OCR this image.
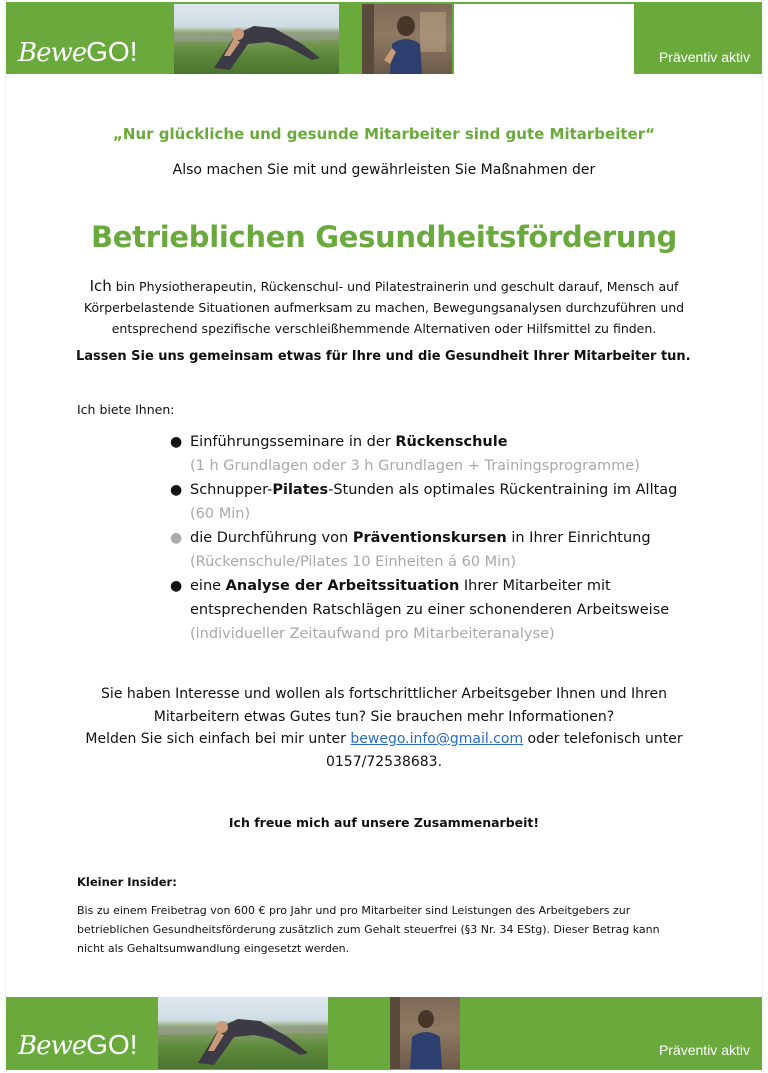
BeweGO!	Präventiv aktiv
„Nur glückliche und gesunde Mitarbeiter sind gute Mitarbeiter“
Also machen Sie mit und gewährleisten Sie Maßnahmen der
Betrieblichen Gesundheitsförderung
Ich bin Physiotherapeutin, Rückenschul- und Pilatestrainerin und geschult darauf, Mensch auf
Körperbelastende Situationen aufmerksam zu machen, Bewegungsanalysen durchzuführen und
entsprechend spezifische verschleißhemmende Alternativen oder Hilfsmittel zu finden.
Lassen Sie uns gemeinsam etwas für Ihre und die Gesundheit Ihrer Mitarbeiter tun.
Ich biete Ihnen:
● Einführungsseminare in der Rückenschule
(1 h Grundlagen oder 3 h Grundlagen + Trainingsprogramme)
● Schnupper-Pilates-Stunden als optimales Rückentraining im Alltag
(60 Min)
● die Durchführung von Präventionskursen in Ihrer Einrichtung
(Rückenschule/Pilates 10 Einheiten á 60 Min)
● eine Analyse der Arbeitssituation Ihrer Mitarbeiter mit
entsprechenden Ratschlägen zu einer schonenderen Arbeitsweise
(individueller Zeitaufwand pro Mitarbeiteranalyse)
Sie haben Interesse und wollen als fortschrittlicher Arbeitsgeber Ihnen und Ihren
Mitarbeitern etwas Gutes tun? Sie brauchen mehr Informationen?
Melden Sie sich einfach bei mir unter bewego.info@gmail.com oder telefonisch unter
0157/72538683.
Ich freue mich auf unsere Zusammenarbeit!
Kleiner Insider:
Bis zu einem Freibetrag von 600 € pro Jahr und pro Mitarbeiter sind Leistungen des Arbeitgebers zur
betrieblichen Gesundheitsförderung zusätzlich zum Gehalt steuerfrei (§3 Nr. 34 EStg). Dieser Betrag kann
nicht als Gehaltsumwandlung eingesetzt werden.
BeweGO!	Präventiv aktiv
